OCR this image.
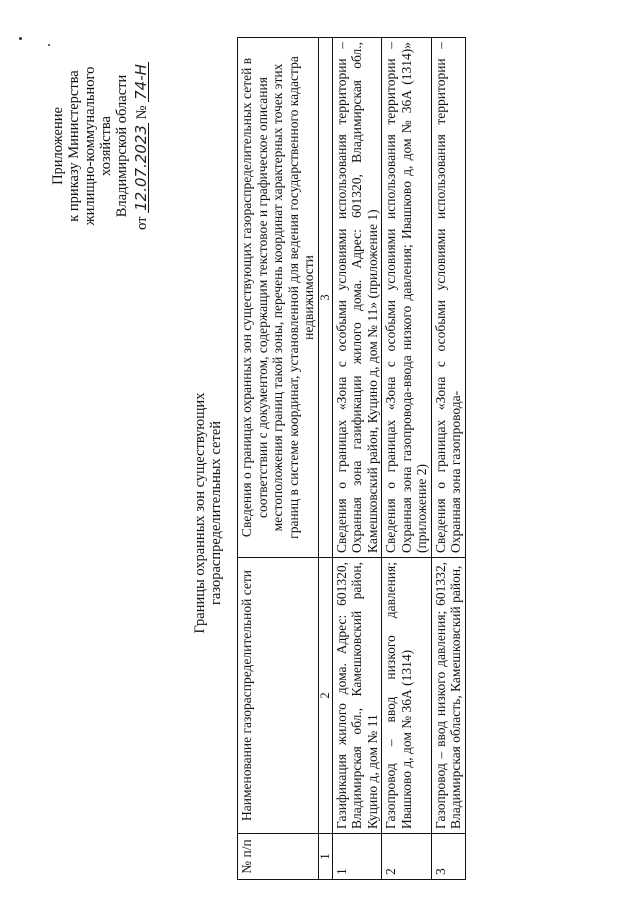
Приложение к приказу Министерства жилищно-коммунального хозяйства Владимирской области
от 12.07.2023 № 74-Н
Границы охранных зон существующих газораспределительных сетей
№ п/п	Наименование газораспределительной сети	Сведения о границах охранных зон существующих газораспределительных сетей в соответствии с документом, содержащим текстовое и графическое описания местоположения границ такой зоны, перечень координат характерных точек этих границ в системе координат, установленной для ведения государственного кадастра недвижимости
1	2	3
1	Газификация жилого дома. Адрес: 601320, Владимирская обл., Камешковский район, Куцино д, дом № 11	Сведения о границах «Зона с особыми условиями использования территории – Охранная зона газификации жилого дома. Адрес: 601320, Владимирская обл., Камешковский район, Куцино д, дом № 11» (приложение 1)
2	Газопровод – ввод низкого давления; Ивашково д, дом № 36А (1314)	Сведения о границах «Зона с особыми условиями использования территории – Охранная зона газопровода-ввода низкого давления; Ивашково д, дом № 36А (1314)» (приложение 2)
3	Газопровод – ввод низкого давления; 601332, Владимирская область, Камешковский район,	Сведения о границах «Зона с особыми условиями использования территории – Охранная зона газопровода-
